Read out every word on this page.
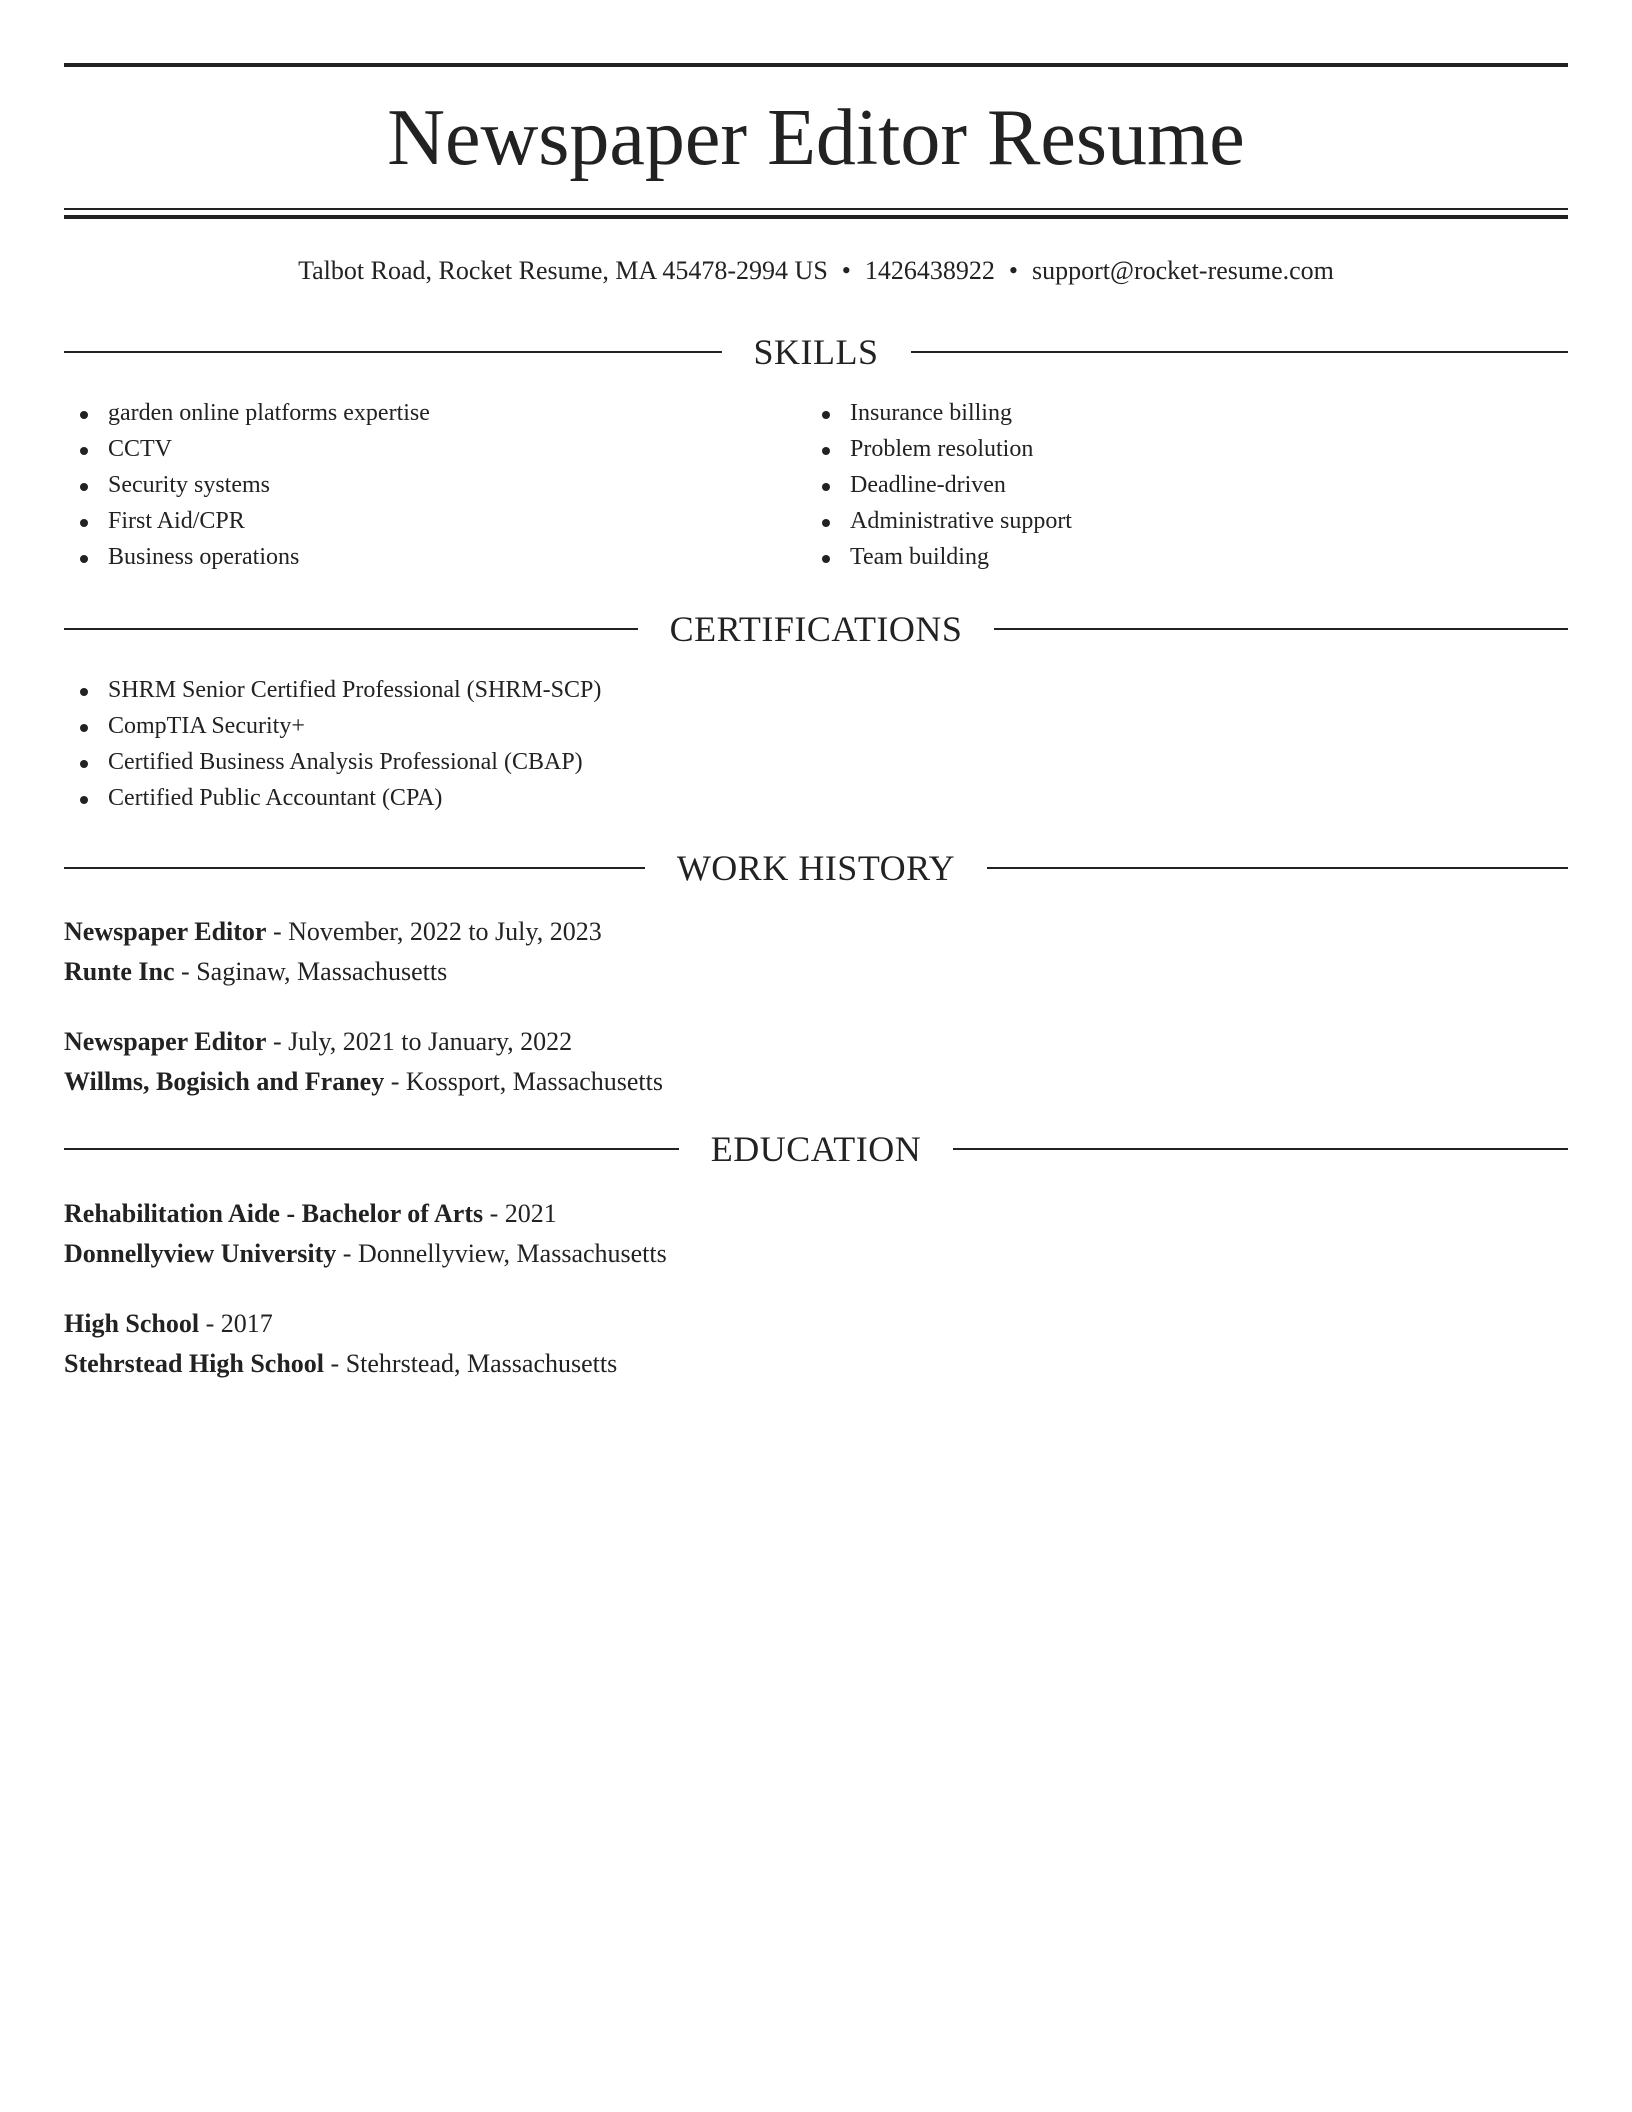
Newspaper Editor Resume
Talbot Road, Rocket Resume, MA 45478-2994 US • 1426438922 • support@rocket-resume.com
SKILLS
garden online platforms expertise
CCTV
Security systems
First Aid/CPR
Business operations
Insurance billing
Problem resolution
Deadline-driven
Administrative support
Team building
CERTIFICATIONS
SHRM Senior Certified Professional (SHRM-SCP)
CompTIA Security+
Certified Business Analysis Professional (CBAP)
Certified Public Accountant (CPA)
WORK HISTORY
Newspaper Editor - November, 2022 to July, 2023
Runte Inc - Saginaw, Massachusetts
Newspaper Editor - July, 2021 to January, 2022
Willms, Bogisich and Franey - Kossport, Massachusetts
EDUCATION
Rehabilitation Aide - Bachelor of Arts - 2021
Donnellyview University - Donnellyview, Massachusetts
High School - 2017
Stehrstead High School - Stehrstead, Massachusetts
